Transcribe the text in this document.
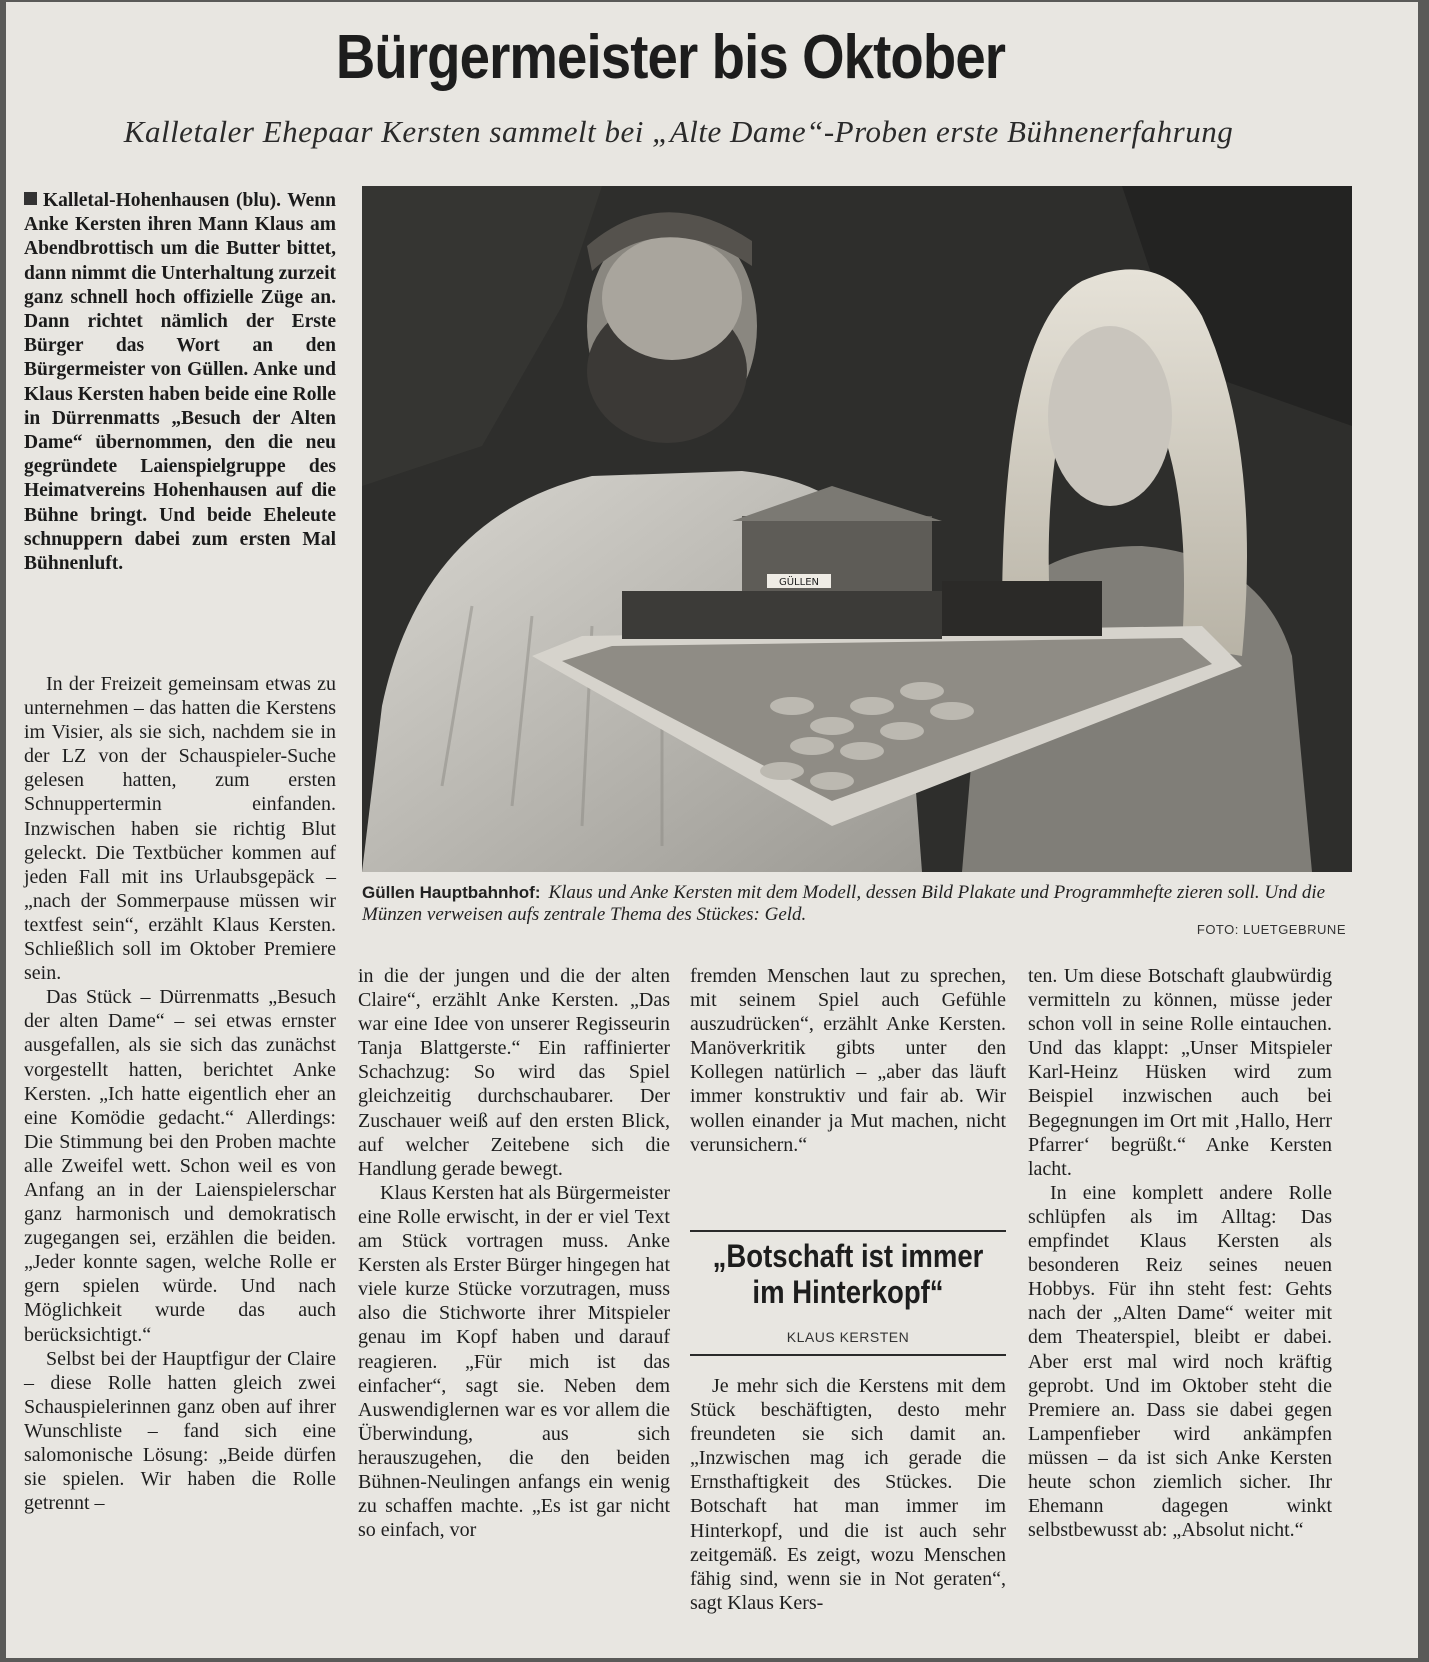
Bürgermeister bis Oktober
Kalletaler Ehepaar Kersten sammelt bei „Alte Dame“-Proben erste Bühnenerfahrung
Kalletal-Hohenhausen (blu). Wenn Anke Kersten ihren Mann Klaus am Abendbrottisch um die Butter bittet, dann nimmt die Unterhaltung zurzeit ganz schnell hoch offizielle Züge an. Dann richtet nämlich der Erste Bürger das Wort an den Bürgermeister von Güllen. Anke und Klaus Kersten haben beide eine Rolle in Dürrenmatts „Besuch der Alten Dame“ übernommen, den die neu gegründete Laienspielgruppe des Heimatvereins Hohenhausen auf die Bühne bringt. Und beide Eheleute schnuppern dabei zum ersten Mal Bühnenluft.
GÜLLEN
Güllen Hauptbahnhof: Klaus und Anke Kersten mit dem Modell, dessen Bild Plakate und Programmhefte zieren soll. Und die Münzen verweisen aufs zentrale Thema des Stückes: Geld.
FOTO: LUETGEBRUNE

In der Freizeit gemeinsam etwas zu unternehmen – das hatten die Kerstens im Visier, als sie sich, nachdem sie in der LZ von der Schauspieler-Suche gelesen hatten, zum ersten Schnuppertermin einfanden. Inzwischen haben sie richtig Blut geleckt. Die Textbücher kommen auf jeden Fall mit ins Urlaubsgepäck – „nach der Sommerpause müssen wir textfest sein“, erzählt Klaus Kersten. Schließlich soll im Oktober Premiere sein.

Das Stück – Dürrenmatts „Besuch der alten Dame“ – sei etwas ernster ausgefallen, als sie sich das zunächst vorgestellt hatten, berichtet Anke Kersten. „Ich hatte eigentlich eher an eine Komödie gedacht.“ Allerdings: Die Stimmung bei den Proben machte alle Zweifel wett. Schon weil es von Anfang an in der Laienspielerschar ganz harmonisch und demokratisch zugegangen sei, erzählen die beiden. „Jeder konnte sagen, welche Rolle er gern spielen würde. Und nach Möglichkeit wurde das auch berücksichtigt.“

Selbst bei der Hauptfigur der Claire – diese Rolle hatten gleich zwei Schauspielerinnen ganz oben auf ihrer Wunschliste – fand sich eine salomonische Lösung: „Beide dürfen sie spielen. Wir haben die Rolle getrennt –

in die der jungen und die der alten Claire“, erzählt Anke Kersten. „Das war eine Idee von unserer Regisseurin Tanja Blattgerste.“ Ein raffinierter Schachzug: So wird das Spiel gleichzeitig durchschaubarer. Der Zuschauer weiß auf den ersten Blick, auf welcher Zeitebene sich die Handlung gerade bewegt.

Klaus Kersten hat als Bürgermeister eine Rolle erwischt, in der er viel Text am Stück vortragen muss. Anke Kersten als Erster Bürger hingegen hat viele kurze Stücke vorzutragen, muss also die Stichworte ihrer Mitspieler genau im Kopf haben und darauf reagieren. „Für mich ist das einfacher“, sagt sie. Neben dem Auswendiglernen war es vor allem die Überwindung, aus sich herauszugehen, die den beiden Bühnen-Neulingen anfangs ein wenig zu schaffen machte. „Es ist gar nicht so einfach, vor

fremden Menschen laut zu sprechen, mit seinem Spiel auch Gefühle auszudrücken“, erzählt Anke Kersten. Manöverkritik gibts unter den Kollegen natürlich – „aber das läuft immer konstruktiv und fair ab. Wir wollen einander ja Mut machen, nicht verunsichern.“

„Botschaft ist immer im Hinterkopf“
KLAUS KERSTEN

Je mehr sich die Kerstens mit dem Stück beschäftigten, desto mehr freundeten sie sich damit an. „Inzwischen mag ich gerade die Ernsthaftigkeit des Stückes. Die Botschaft hat man immer im Hinterkopf, und die ist auch sehr zeitgemäß. Es zeigt, wozu Menschen fähig sind, wenn sie in Not geraten“, sagt Klaus Kers-

ten. Um diese Botschaft glaubwürdig vermitteln zu können, müsse jeder schon voll in seine Rolle eintauchen. Und das klappt: „Unser Mitspieler Karl-Heinz Hüsken wird zum Beispiel inzwischen auch bei Begegnungen im Ort mit ‚Hallo, Herr Pfarrer‘ begrüßt.“ Anke Kersten lacht.

In eine komplett andere Rolle schlüpfen als im Alltag: Das empfindet Klaus Kersten als besonderen Reiz seines neuen Hobbys. Für ihn steht fest: Gehts nach der „Alten Dame“ weiter mit dem Theaterspiel, bleibt er dabei. Aber erst mal wird noch kräftig geprobt. Und im Oktober steht die Premiere an. Dass sie dabei gegen Lampenfieber wird ankämpfen müssen – da ist sich Anke Kersten heute schon ziemlich sicher. Ihr Ehemann dagegen winkt selbstbewusst ab: „Absolut nicht.“
